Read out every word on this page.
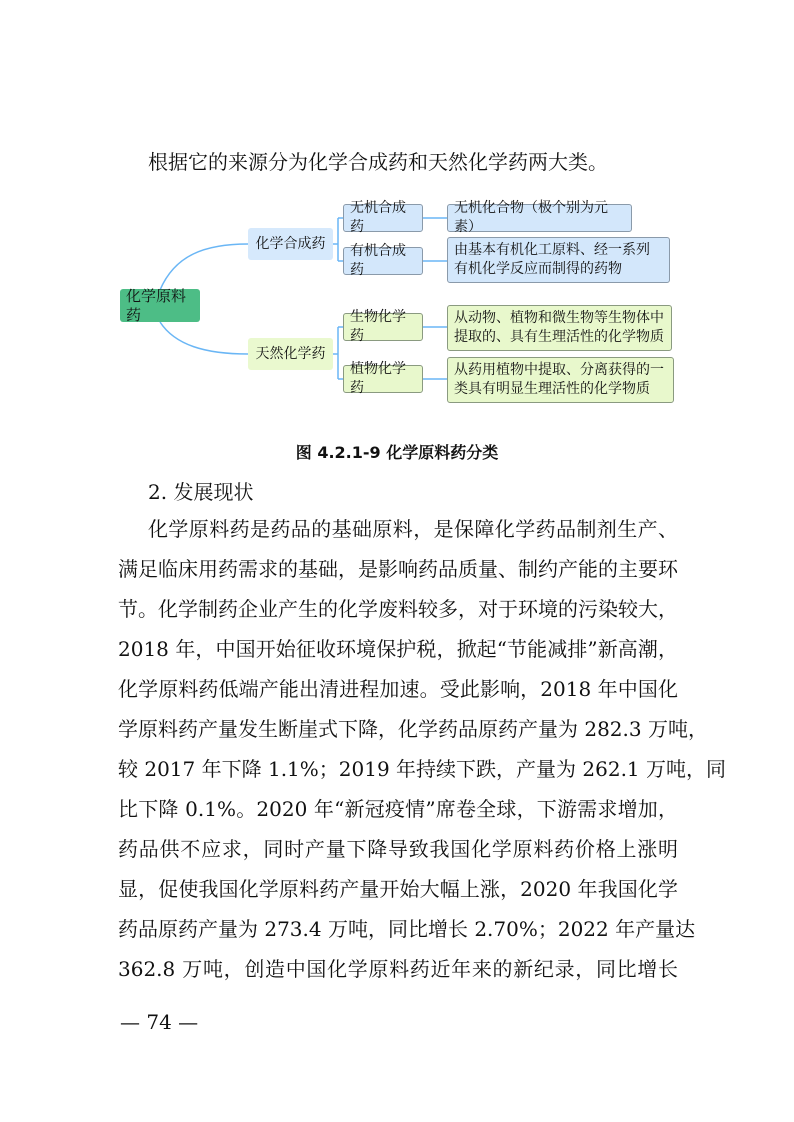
根据它的来源分为化学合成药和天然化学药两大类。
化学原料药
化学合成药
天然化学药
无机合成药
有机合成药
生物化学药
植物化学药
无机化合物（极个别为元素）
由基本有机化工原料、经一系列有机化学反应而制得的药物
从动物、植物和微生物等生物体中提取的、具有生理活性的化学物质
从药用植物中提取、分离获得的一类具有明显生理活性的化学物质
图 4.2.1-9 化学原料药分类
2. 发展现状
化学原料药是药品的基础原料，是保障化学药品制剂生产、
满足临床用药需求的基础，是影响药品质量、制约产能的主要环
节。化学制药企业产生的化学废料较多，对于环境的污染较大，
2018 年，中国开始征收环境保护税，掀起“节能减排”新高潮，
化学原料药低端产能出清进程加速。受此影响，2018 年中国化
学原料药产量发生断崖式下降，化学药品原药产量为 282.3 万吨，
较 2017 年下降 1.1%；2019 年持续下跌，产量为 262.1 万吨，同
比下降 0.1%。2020 年“新冠疫情”席卷全球，下游需求增加，
药品供不应求，同时产量下降导致我国化学原料药价格上涨明
显，促使我国化学原料药产量开始大幅上涨，2020 年我国化学
药品原药产量为 273.4 万吨，同比增长 2.70%；2022 年产量达
362.8 万吨，创造中国化学原料药近年来的新纪录，同比增长
— 74 —
